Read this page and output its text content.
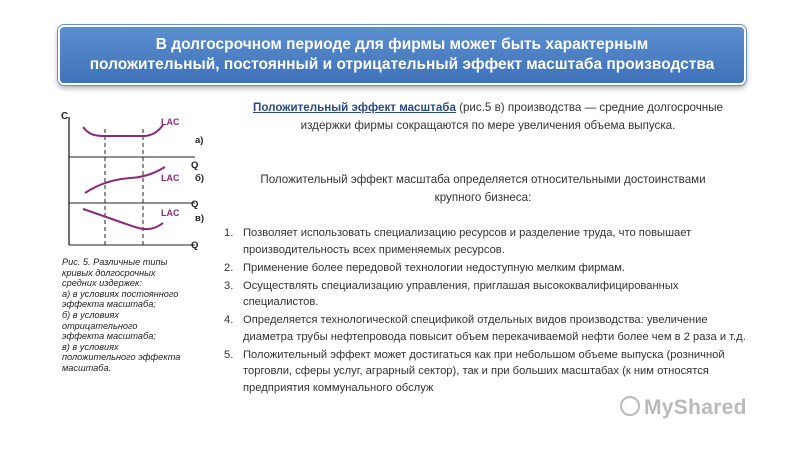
В долгосрочном периоде для фирмы может быть характерным
положительный, постоянный и отрицательный эффект масштаба производства
С	LAC
а)
Q
LAC б)
Q
LAC в)
Q

Рис. 5. Различные типы

кривых долгосрочных

средних издержек:

а) в условиях постоянного

эффекта масштаба;

б) в условиях

отрицательного

эффекта масштаба;

в) в условиях

положительного эффекта

масштаба.

Положительный эффект масштаба (рис.5 в) производства — средние долгосрочные издержки фирмы сокращаются по мере увеличения объема выпуска.
Положительный эффект масштаба определяется относительными достоинствами крупного бизнеса:
1. Позволяет использовать специализацию ресурсов и разделение труда, что повышает производительность всех применяемых ресурсов.
2. Применение более передовой технологии недоступную мелким фирмам.
3. Осуществлять специализацию управления, приглашая высококвалифицированных специалистов.
4. Определяется технологической спецификой отдельных видов производства: увеличение диаметра трубы нефтепровода повысит объем перекачиваемой нефти более чем в 2 раза и т.д.
5. Положительный эффект может достигаться как при небольшом объеме выпуска (розничной торговли, сферы услуг, аграрный сектор), так и при больших масштабах (к ним относятся предприятия коммунального обслуж
MyShared
